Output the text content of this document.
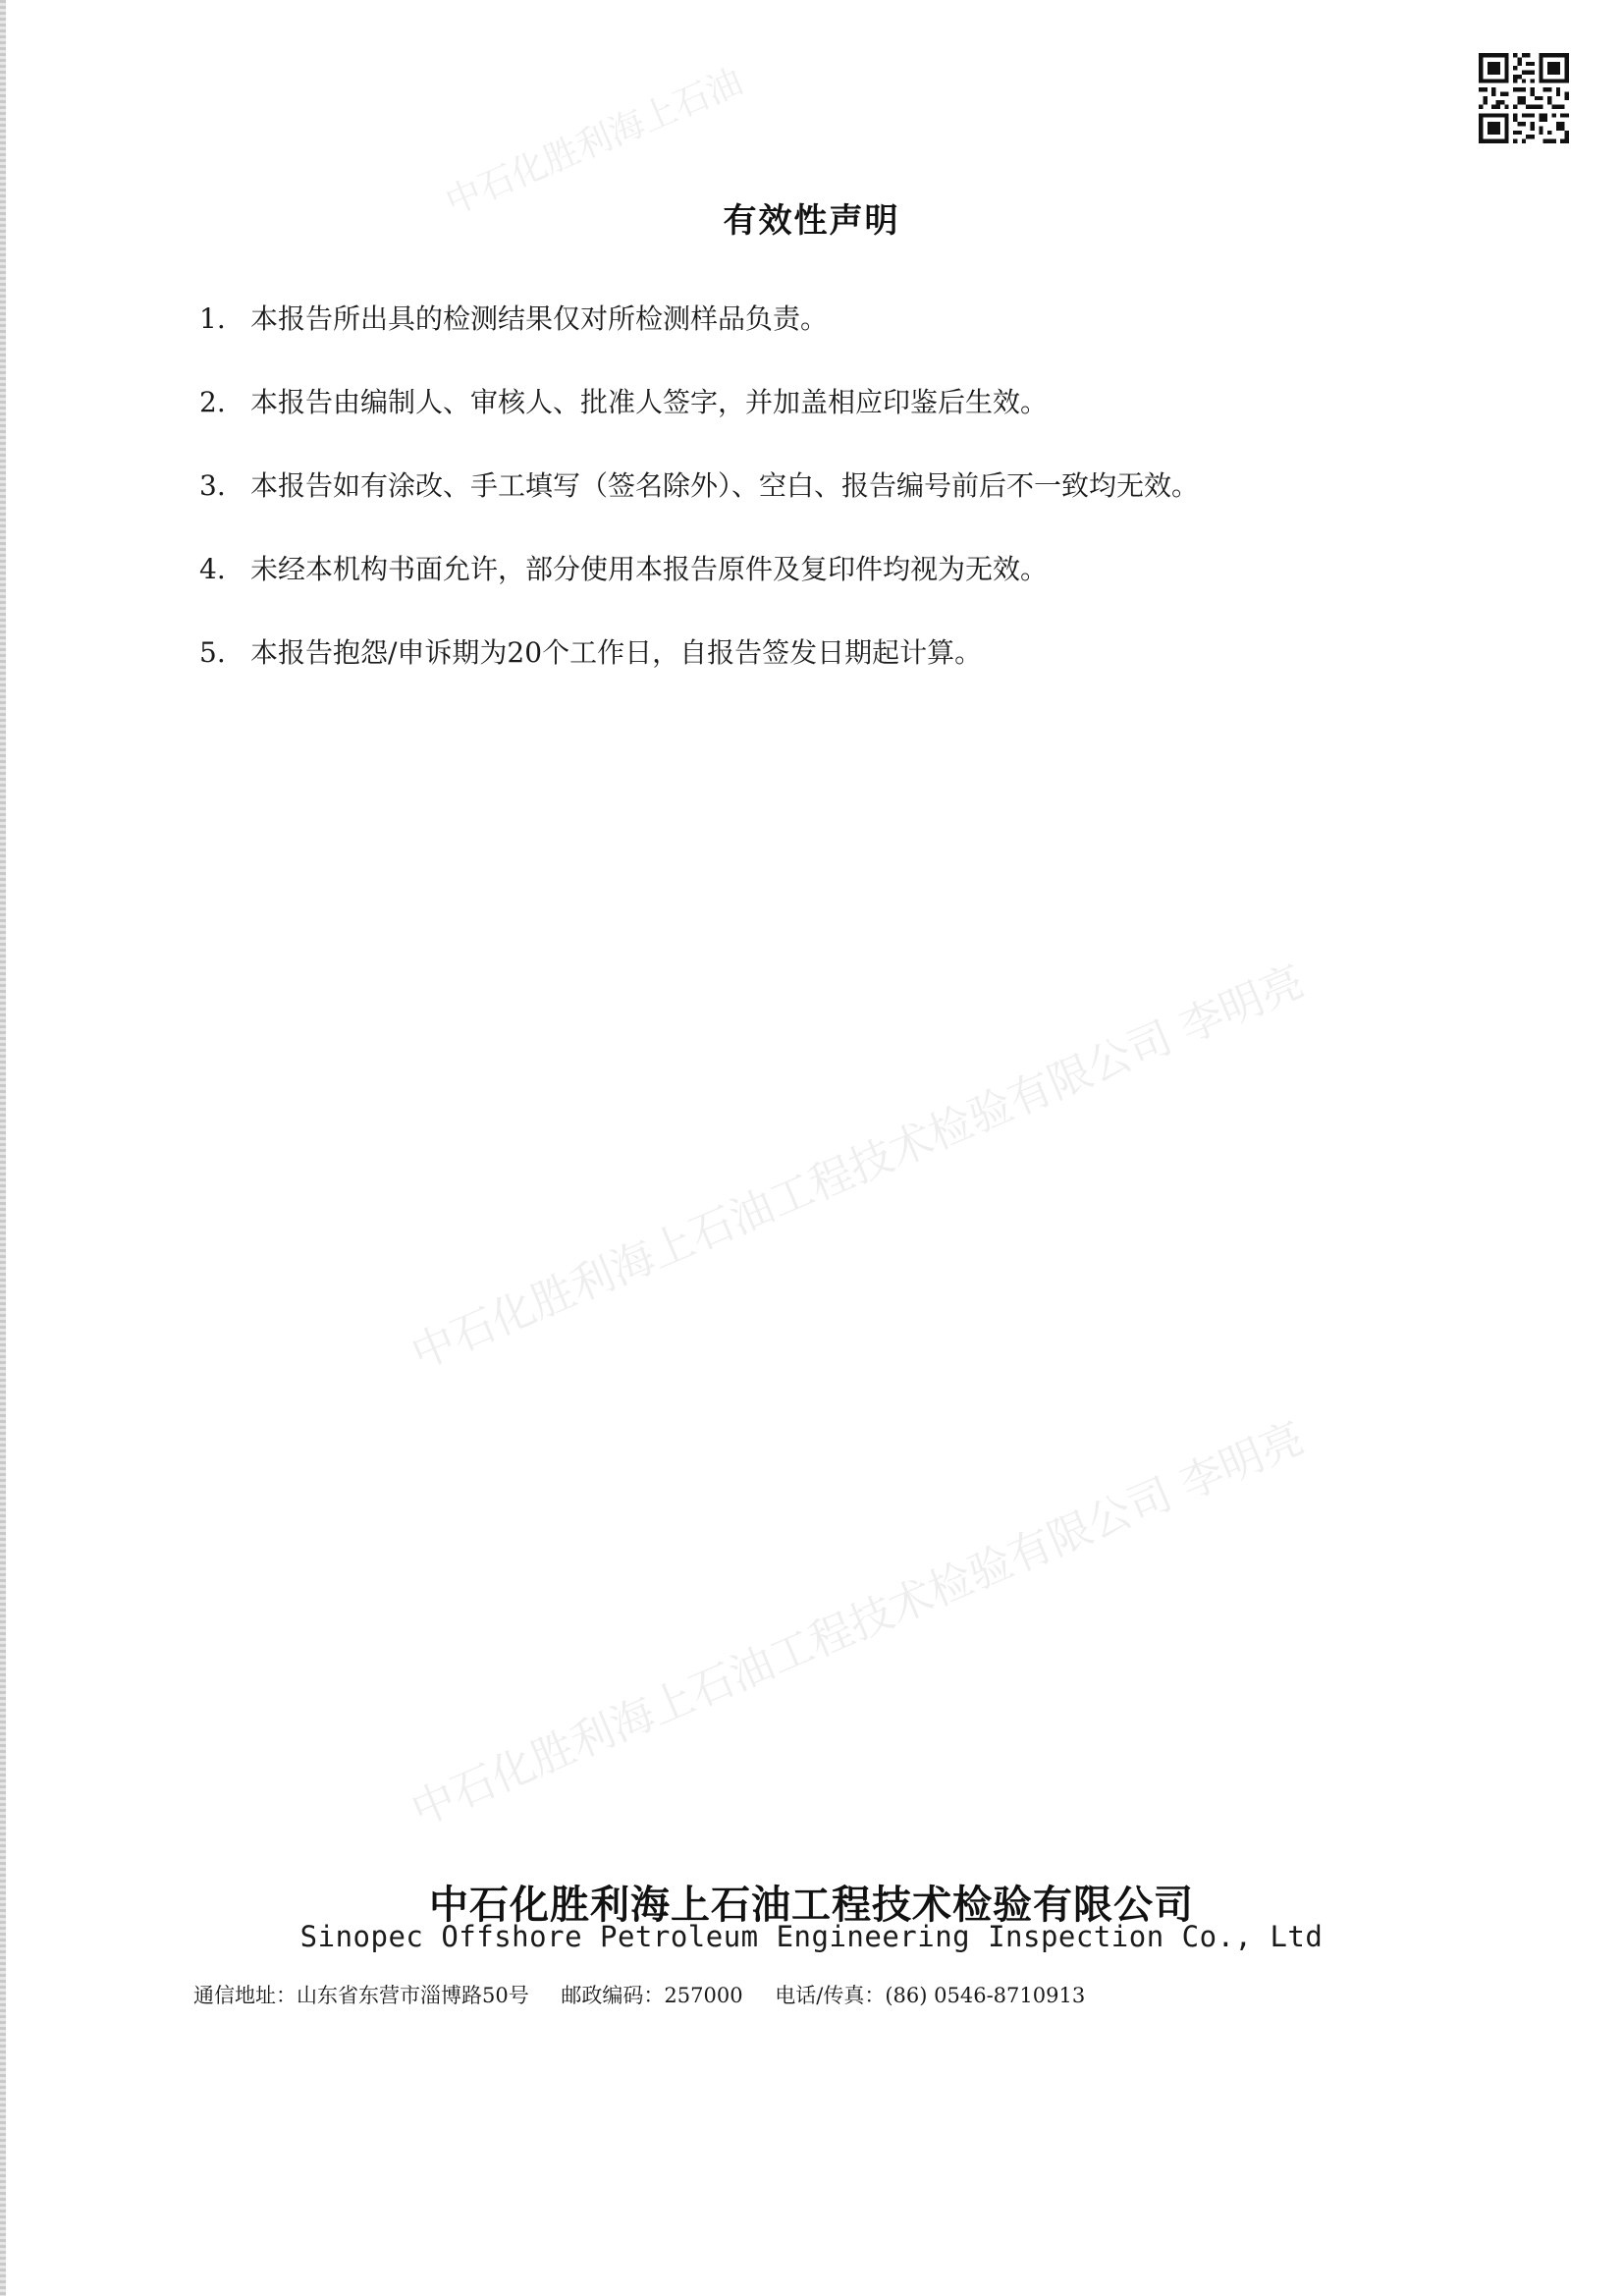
中石化胜利海上石油
中石化胜利海上石油工程技术检验有限公司 李明亮
中石化胜利海上石油工程技术检验有限公司 李明亮
有效性声明
1. 本报告所出具的检测结果仅对所检测样品负责。
2. 本报告由编制人、审核人、批准人签字，并加盖相应印鉴后生效。
3. 本报告如有涂改、手工填写（签名除外）、空白、报告编号前后不一致均无效。
4. 未经本机构书面允许，部分使用本报告原件及复印件均视为无效。
5. 本报告抱怨/申诉期为20个工作日，自报告签发日期起计算。
中石化胜利海上石油工程技术检验有限公司
Sinopec Offshore Petroleum Engineering Inspection Co., Ltd
通信地址：山东省东营市淄博路50号 邮政编码：257000 电话/传真：(86) 0546-8710913
